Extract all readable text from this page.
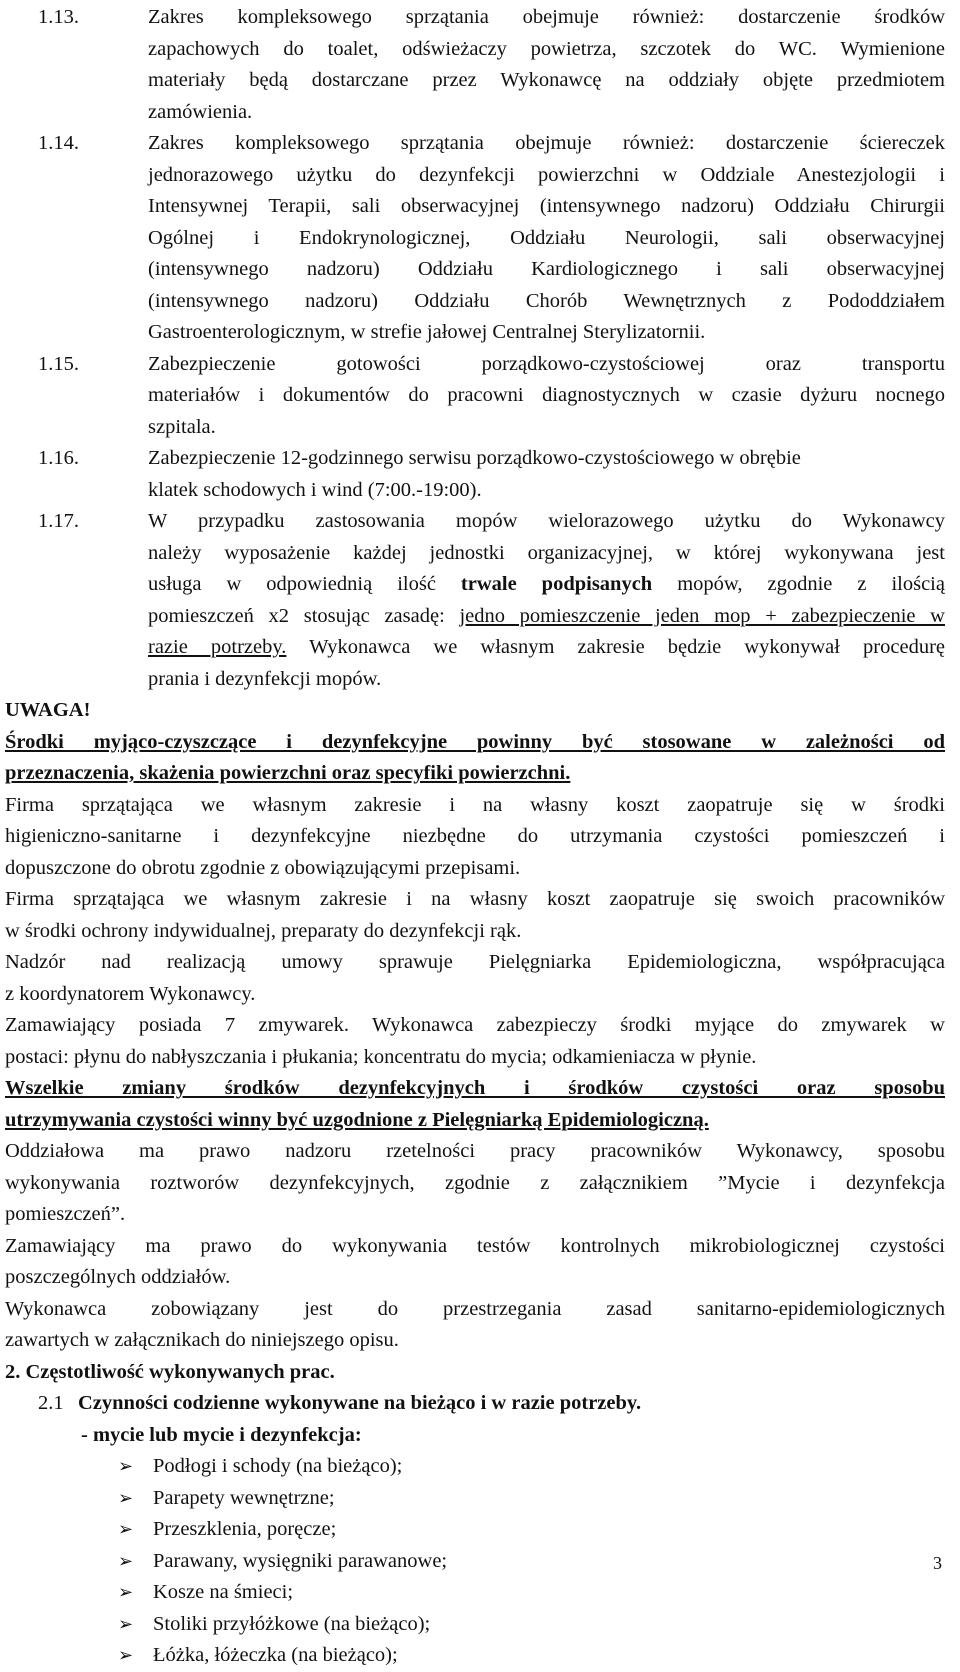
1.13.	Zakres kompleksowego sprzątania obejmuje również: dostarczenie środków
zapachowych do toalet, odświeżaczy powietrza, szczotek do WC. Wymienione
materiały będą dostarczane przez Wykonawcę na oddziały objęte przedmiotem
zamówienia.
1.14.	Zakres kompleksowego sprzątania obejmuje również: dostarczenie ściereczek
jednorazowego użytku do dezynfekcji powierzchni w Oddziale Anestezjologii i
Intensywnej Terapii, sali obserwacyjnej (intensywnego nadzoru) Oddziału Chirurgii
Ogólnej i Endokrynologicznej, Oddziału Neurologii, sali obserwacyjnej
(intensywnego nadzoru) Oddziału Kardiologicznego i sali obserwacyjnej
(intensywnego nadzoru) Oddziału Chorób Wewnętrznych z Pododdziałem
Gastroenterologicznym, w strefie jałowej Centralnej Sterylizatornii.
1.15.	Zabezpieczenie gotowości porządkowo-czystościowej oraz transportu
materiałów i dokumentów do pracowni diagnostycznych w czasie dyżuru nocnego
szpitala.
1.16.	Zabezpieczenie 12-godzinnego serwisu porządkowo-czystościowego w obrębie
klatek schodowych i wind (7:00.-19:00).
1.17.	W przypadku zastosowania mopów wielorazowego użytku do Wykonawcy
należy wyposażenie każdej jednostki organizacyjnej, w której wykonywana jest
usługa w odpowiednią ilość trwale podpisanych mopów, zgodnie z ilością
pomieszczeń x2 stosując zasadę: jedno pomieszczenie jeden mop + zabezpieczenie w
razie potrzeby. Wykonawca we własnym zakresie będzie wykonywał procedurę
prania i dezynfekcji mopów.
UWAGA!
Środki myjąco-czyszczące i dezynfekcyjne powinny być stosowane w zależności od
przeznaczenia, skażenia powierzchni oraz specyfiki powierzchni.
Firma sprzątająca we własnym zakresie i na własny koszt zaopatruje się w środki
higieniczno-sanitarne i dezynfekcyjne niezbędne do utrzymania czystości pomieszczeń i
dopuszczone do obrotu zgodnie z obowiązującymi przepisami.
Firma sprzątająca we własnym zakresie i na własny koszt zaopatruje się swoich pracowników
w środki ochrony indywidualnej, preparaty do dezynfekcji rąk.
Nadzór nad realizacją umowy sprawuje Pielęgniarka Epidemiologiczna, współpracująca
z koordynatorem Wykonawcy.
Zamawiający posiada 7 zmywarek. Wykonawca zabezpieczy środki myjące do zmywarek w
postaci: płynu do nabłyszczania i płukania; koncentratu do mycia; odkamieniacza w płynie.
Wszelkie zmiany środków dezynfekcyjnych i środków czystości oraz sposobu
utrzymywania czystości winny być uzgodnione z Pielęgniarką Epidemiologiczną.
Oddziałowa ma prawo nadzoru rzetelności pracy pracowników Wykonawcy, sposobu
wykonywania roztworów dezynfekcyjnych, zgodnie z załącznikiem ”Mycie i dezynfekcja
pomieszczeń”.
Zamawiający ma prawo do wykonywania testów kontrolnych mikrobiologicznej czystości
poszczególnych oddziałów.
Wykonawca zobowiązany jest do przestrzegania zasad sanitarno-epidemiologicznych
zawartych w załącznikach do niniejszego opisu.
2. Częstotliwość wykonywanych prac.
2.1 Czynności codzienne wykonywane na bieżąco i w razie potrzeby.
- mycie lub mycie i dezynfekcja:
➢ Podłogi i schody (na bieżąco);
➢ Parapety wewnętrzne;
➢ Przeszklenia, poręcze;
➢ Parawany, wysięgniki parawanowe;
➢ Kosze na śmieci;
➢ Stoliki przyłóżkowe (na bieżąco);
➢ Łóżka, łóżeczka (na bieżąco);
3
